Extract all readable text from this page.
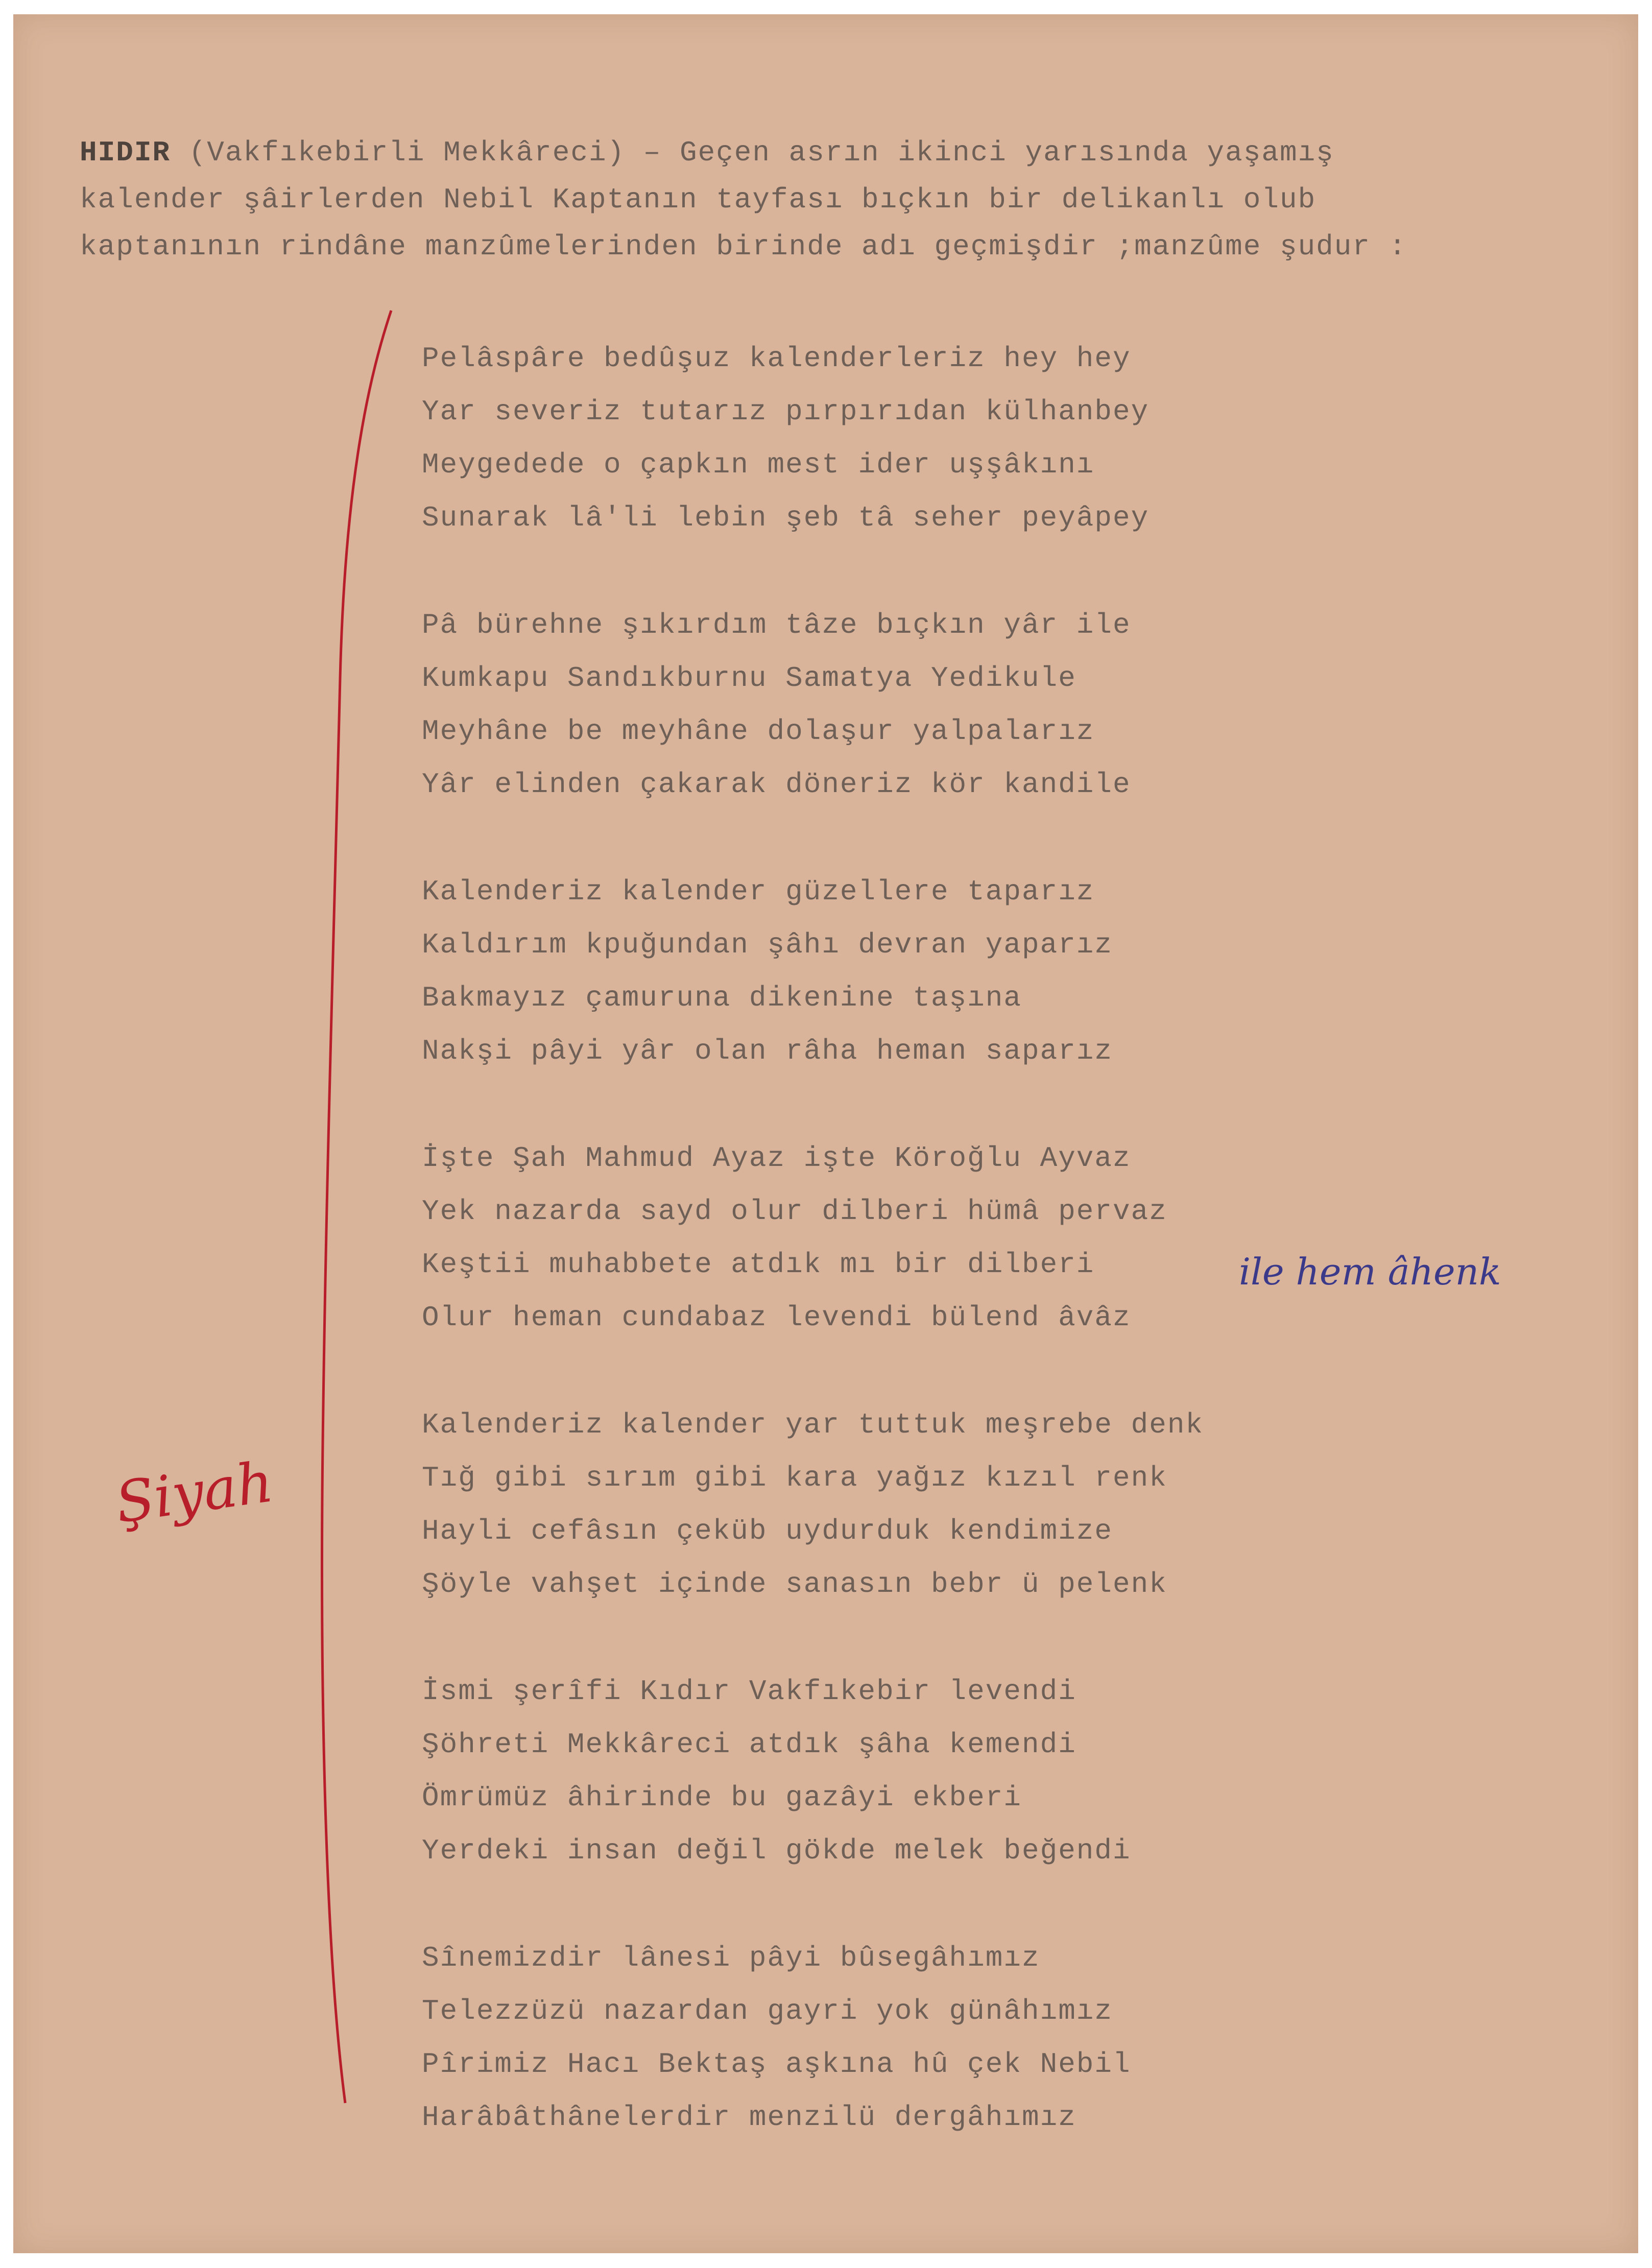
HIDIR (Vakfıkebirli Mekkâreci) – Geçen asrın ikinci yarısında yaşamış
kalender şâirlerden Nebil Kaptanın tayfası bıçkın bir delikanlı olub
kaptanının rindâne manzûmelerinden birinde adı geçmişdir ;manzûme şudur :
Pelâspâre bedûşuz kalenderleriz hey hey
Yar severiz tutarız pırpırıdan külhanbey
Meygedede o çapkın mest ider uşşâkını
Sunarak lâ'li lebin şeb tâ seher peyâpey
Pâ bürehne şıkırdım tâze bıçkın yâr ile
Kumkapu Sandıkburnu Samatya Yedikule
Meyhâne be meyhâne dolaşur yalpalarız
Yâr elinden çakarak döneriz kör kandile
Kalenderiz kalender güzellere taparız
Kaldırım kpuğundan şâhı devran yaparız
Bakmayız çamuruna dikenine taşına
Nakşi pâyi yâr olan râha heman saparız
İşte Şah Mahmud Ayaz işte Köroğlu Ayvaz
Yek nazarda sayd olur dilberi hümâ pervaz
Keştii muhabbete atdık mı bir dilberi
Olur heman cundabaz levendi bülend âvâz
Kalenderiz kalender yar tuttuk meşrebe denk
Tığ gibi sırım gibi kara yağız kızıl renk
Hayli cefâsın çeküb uydurduk kendimize
Şöyle vahşet içinde sanasın bebr ü pelenk
İsmi şerîfi Kıdır Vakfıkebir levendi
Şöhreti Mekkâreci atdık şâha kemendi
Ömrümüz âhirinde bu gazâyi ekberi
Yerdeki insan değil gökde melek beğendi
Sînemizdir lânesi pâyi bûsegâhımız
Telezzüzü nazardan gayri yok günâhımız
Pîrimiz Hacı Bektaş aşkına hû çek Nebil
Harâbâthânelerdir menzilü dergâhımız
ile hem âhenk
Şiyah
